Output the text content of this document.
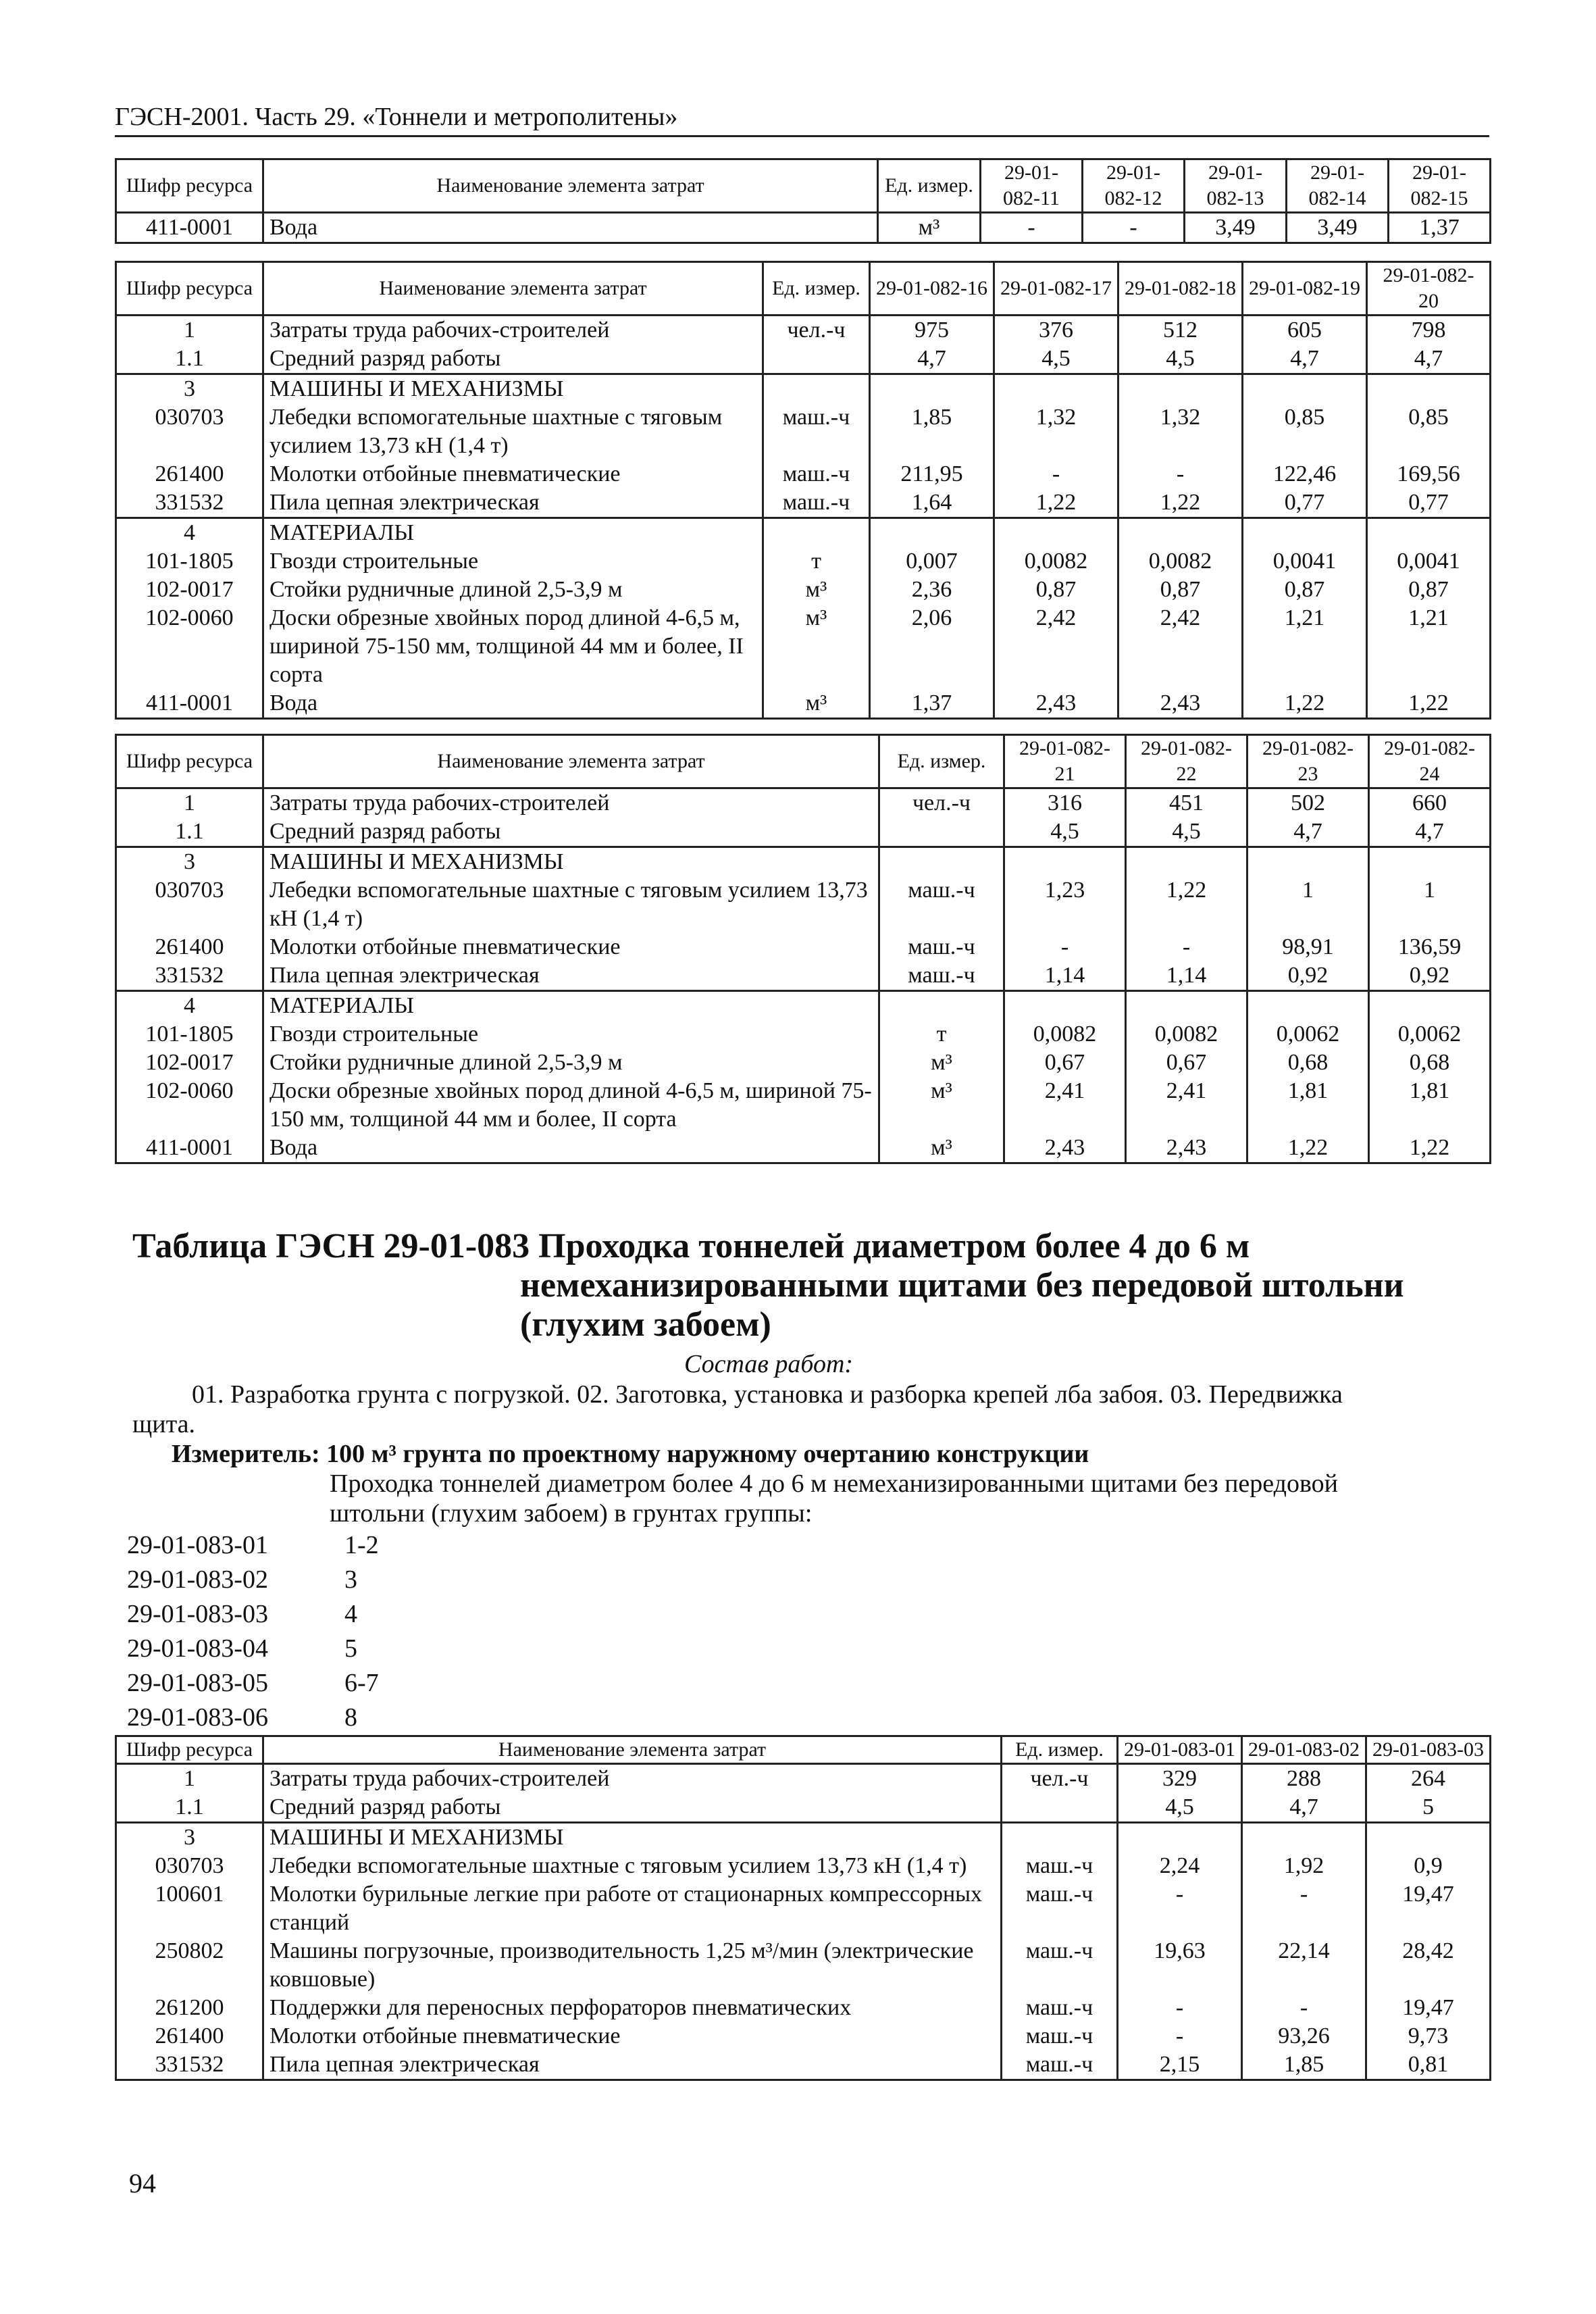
ГЭСН-2001. Часть 29. «Тоннели и метрополитены»
Шифр ресурса	Наименование элемента затрат	Ед. измер.	29-01-082-11	29-01-082-12	29-01-082-13	29-01-082-14	29-01-082-15
411-0001	Вода	м³	-	-	3,49	3,49	1,37
Шифр ресурса	Наименование элемента затрат	Ед. измер.	29-01-082-16	29-01-082-17	29-01-082-18	29-01-082-19	29-01-082-20
1	Затраты труда рабочих-строителей	чел.-ч	975	376	512	605	798
1.1	Средний разряд работы		4,7	4,5	4,5	4,7	4,7
3	МАШИНЫ И МЕХАНИЗМЫ						
030703	Лебедки вспомогательные шахтные с тяговым усилием 13,73 кН (1,4 т)	маш.-ч	1,85	1,32	1,32	0,85	0,85
261400	Молотки отбойные пневматические	маш.-ч	211,95	-	-	122,46	169,56
331532	Пила цепная электрическая	маш.-ч	1,64	1,22	1,22	0,77	0,77
4	МАТЕРИАЛЫ						
101-1805	Гвозди строительные	т	0,007	0,0082	0,0082	0,0041	0,0041
102-0017	Стойки рудничные длиной 2,5-3,9 м	м³	2,36	0,87	0,87	0,87	0,87
102-0060	Доски обрезные хвойных пород длиной 4-6,5 м, шириной 75-150 мм, толщиной 44 мм и более, II сорта	м³	2,06	2,42	2,42	1,21	1,21
411-0001	Вода	м³	1,37	2,43	2,43	1,22	1,22
Шифр ресурса	Наименование элемента затрат	Ед. измер.	29-01-082-21	29-01-082-22	29-01-082-23	29-01-082-24
1	Затраты труда рабочих-строителей	чел.-ч	316	451	502	660
1.1	Средний разряд работы		4,5	4,5	4,7	4,7
3	МАШИНЫ И МЕХАНИЗМЫ					
030703	Лебедки вспомогательные шахтные с тяговым усилием 13,73 кН (1,4 т)	маш.-ч	1,23	1,22	1	1
261400	Молотки отбойные пневматические	маш.-ч	-	-	98,91	136,59
331532	Пила цепная электрическая	маш.-ч	1,14	1,14	0,92	0,92
4	МАТЕРИАЛЫ					
101-1805	Гвозди строительные	т	0,0082	0,0082	0,0062	0,0062
102-0017	Стойки рудничные длиной 2,5-3,9 м	м³	0,67	0,67	0,68	0,68
102-0060	Доски обрезные хвойных пород длиной 4-6,5 м, шириной 75-150 мм, толщиной 44 мм и более, II сорта	м³	2,41	2,41	1,81	1,81
411-0001	Вода	м³	2,43	2,43	1,22	1,22
Таблица ГЭСН 29-01-083 Проходка тоннелей диаметром более 4 до 6 м
немеханизированными щитами без передовой штольни
(глухим забоем)
Состав работ:
01. Разработка грунта с погрузкой. 02. Заготовка, установка и разборка крепей лба забоя. 03. Передвижка
щита.
Измеритель: 100 м³ грунта по проектному наружному очертанию конструкции
Проходка тоннелей диаметром более 4 до 6 м немеханизированными щитами без передовой
штольни (глухим забоем) в грунтах группы:
29-01-083-01	1-2
29-01-083-02	3
29-01-083-03	4
29-01-083-04	5
29-01-083-05	6-7
29-01-083-06	8
Шифр ресурса	Наименование элемента затрат	Ед. измер.	29-01-083-01	29-01-083-02	29-01-083-03
1	Затраты труда рабочих-строителей	чел.-ч	329	288	264
1.1	Средний разряд работы		4,5	4,7	5
3	МАШИНЫ И МЕХАНИЗМЫ				
030703	Лебедки вспомогательные шахтные с тяговым усилием 13,73 кН (1,4 т)	маш.-ч	2,24	1,92	0,9
100601	Молотки бурильные легкие при работе от стационарных компрессорных станций	маш.-ч	-	-	19,47
250802	Машины погрузочные, производительность 1,25 м³/мин (электрические ковшовые)	маш.-ч	19,63	22,14	28,42
261200	Поддержки для переносных перфораторов пневматических	маш.-ч	-	-	19,47
261400	Молотки отбойные пневматические	маш.-ч	-	93,26	9,73
331532	Пила цепная электрическая	маш.-ч	2,15	1,85	0,81
94
